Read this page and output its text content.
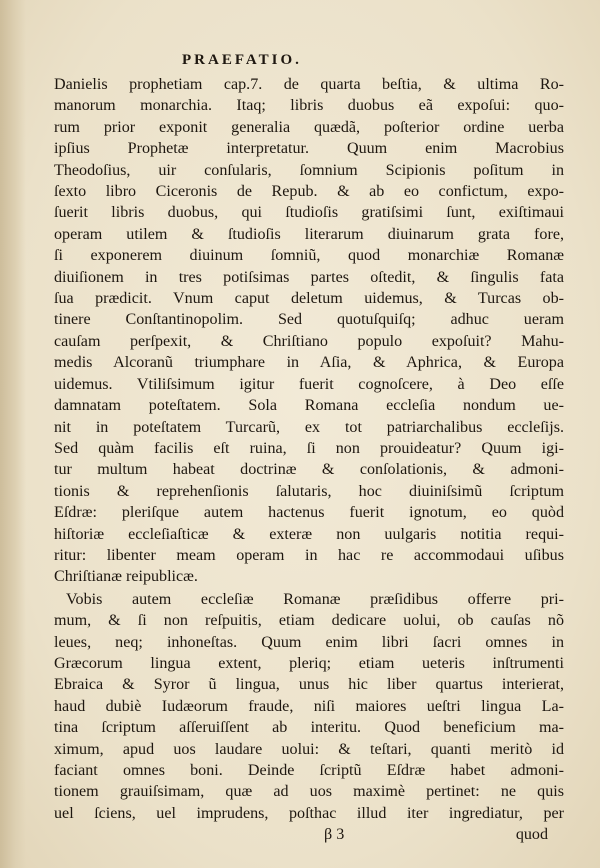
PRAEFATIO.
Danielis prophetiam cap.7. de quarta beſtia, & ultima Ro-
manorum monarchia. Itaq; libris duobus eã expoſui: quo-
rum prior exponit generalia quædã, poſterior ordine uerba
ipſius Prophetæ interpretatur. Quum enim Macrobius
Theodoſius, uir conſularis, ſomnium Scipionis poſitum in
ſexto libro Ciceronis de Repub. & ab eo confictum, expo-
ſuerit libris duobus, qui ſtudioſis gratiſsimi ſunt, exiſtimaui
operam utilem & ſtudioſis literarum diuinarum grata fore,
ſi exponerem diuinum ſomniũ, quod monarchiæ Romanæ
diuiſionem in tres potiſsimas partes oſtedit, & ſingulis fata
ſua prædicit. Vnum caput deletum uidemus, & Turcas ob-
tinere Conſtantinopolim. Sed quotuſquiſq; adhuc ueram
cauſam perſpexit, & Chriſtiano populo expoſuit? Mahu-
medis Alcoranũ triumphare in Aſia, & Aphrica, & Europa
uidemus. Vtiliſsimum igitur fuerit cognoſcere, à Deo eſſe
damnatam poteſtatem. Sola Romana eccleſia nondum ue-
nit in poteſtatem Turcarũ, ex tot patriarchalibus eccleſijs.
Sed quàm facilis eſt ruina, ſi non prouideatur? Quum igi-
tur multum habeat doctrinæ & conſolationis, & admoni-
tionis & reprehenſionis ſalutaris, hoc diuiniſsimũ ſcriptum
Eſdræ: pleriſque autem hactenus fuerit ignotum, eo quòd
hiſtoriæ eccleſiaſticæ & exteræ non uulgaris notitia requi-
ritur: libenter meam operam in hac re accommodaui uſibus
Chriſtianæ reipublicæ.
Vobis autem eccleſiæ Romanæ præſidibus offerre pri-
mum, & ſi non reſpuitis, etiam dedicare uolui, ob cauſas nõ
leues, neq; inhoneſtas. Quum enim libri ſacri omnes in
Græcorum lingua extent, pleriq; etiam ueteris inſtrumenti
Ebraica & Syror ũ lingua, unus hic liber quartus interierat,
haud dubiè Iudæorum fraude, niſi maiores ueſtri lingua La-
tina ſcriptum aſſeruiſſent ab interitu. Quod beneficium ma-
ximum, apud uos laudare uolui: & teſtari, quanti meritò id
faciant omnes boni. Deinde ſcriptũ Eſdræ habet admoni-
tionem grauiſsimam, quæ ad uos maximè pertinet: ne quis
uel ſciens, uel imprudens, poſthac illud iter ingrediatur, per
β 3	quod
